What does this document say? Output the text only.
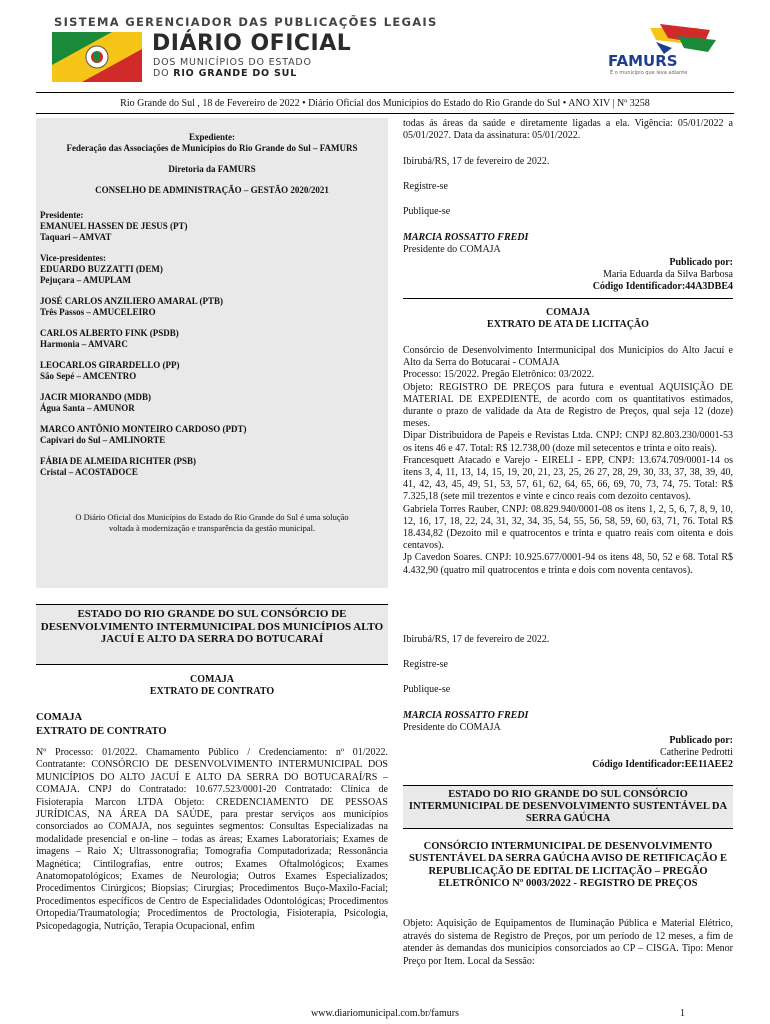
SISTEMA GERENCIADOR DAS PUBLICAÇÕES LEGAIS
DIÁRIO OFICIAL
DOS MUNICÍPIOS DO ESTADO
DO RIO GRANDE DO SUL
FAMURS
É o município que leva adiante
Rio Grande do Sul , 18 de Fevereiro de 2022 • Diário Oficial dos Municípios do Estado do Rio Grande do Sul • ANO XIV | Nº 3258

Expediente:
Federação das Associações de Municípios do Rio Grande do Sul – FAMURS

Diretoria da FAMURS

CONSELHO DE ADMINISTRAÇÃO – GESTÃO 2020/2021

Presidente:
EMANUEL HASSEN DE JESUS (PT)
Taquari – AMVAT

Vice-presidentes:

EDUARDO BUZZATTI (DEM)
Pejuçara – AMUPLAM

JOSÉ CARLOS ANZILIERO AMARAL (PTB)
Três Passos – AMUCELEIRO

CARLOS ALBERTO FINK (PSDB)
Harmonia – AMVARC

LEOCARLOS GIRARDELLO (PP)
São Sepé – AMCENTRO

JACIR MIORANDO (MDB)
Água Santa – AMUNOR

MARCO ANTÔNIO MONTEIRO CARDOSO (PDT)
Capivari do Sul – AMLINORTE

FÁBIA DE ALMEIDA RICHTER (PSB)
Cristal – ACOSTADOCE

O Diário Oficial dos Municípios do Estado do Rio Grande do Sul é uma solução voltada à modernização e transparência da gestão municipal.

ESTADO DO RIO GRANDE DO SUL CONSÓRCIO DE DESENVOLVIMENTO INTERMUNICIPAL DOS MUNICÍPIOS ALTO JACUÍ E ALTO DA SERRA DO BOTUCARAÍ
COMAJA
EXTRATO DE CONTRATO
COMAJA
EXTRATO DE CONTRATO
Nº Processo: 01/2022. Chamamento Público / Credenciamento: nº 01/2022. Contratante: CONSÓRCIO DE DESENVOLVIMENTO INTERMUNICIPAL DOS MUNICÍPIOS DO ALTO JACUÍ E ALTO DA SERRA DO BOTUCARAÍ/RS – COMAJA. CNPJ do Contratado: 10.677.523/0001-20 Contratado: Clínica de Fisioterapia Marcon LTDA Objeto: CREDENCIAMENTO DE PESSOAS JURÍDICAS, NA ÁREA DA SAÚDE, para prestar serviços aos municípios consorciados ao COMAJA, nos seguintes segmentos: Consultas Especializadas na modalidade presencial e on-line – todas as áreas; Exames Laboratoriais; Exames de imagens – Raio X; Ultrassonografia; Tomografia Computadorizada; Ressonância Magnética; Cintilografias, entre outros; Exames Oftalmológicos; Exames Anatomopatológicos; Exames de Neurologia; Outros Exames Especializados; Procedimentos Cirúrgicos; Biopsias; Cirurgias; Procedimentos Buço-Maxilo-Facial; Procedimentos específicos de Centro de Especialidades Odontológicas; Procedimentos Ortopedia/Traumatologia; Procedimentos de Proctologia, Fisioterapia, Psicologia, Psicopedagogia, Nutrição, Terapia Ocupacional, enfim
todas ás áreas da saúde e diretamente ligadas a ela. Vigência: 05/01/2022 a 05/01/2027. Data da assinatura: 05/01/2022.
Ibirubá/RS, 17 de fevereiro de 2022.
Registre-se
Publique-se
MARCIA ROSSATTO FREDI
Presidente do COMAJA
Publicado por:
Maria Eduarda da Silva Barbosa
Código Identificador:44A3DBE4
COMAJA
EXTRATO DE ATA DE LICITAÇÃO
Consórcio de Desenvolvimento Intermunicipal dos Municípios do Alto Jacuí e Alto da Serra do Botucaraí - COMAJA
Processo: 15/2022. Pregão Eletrônico: 03/2022.
Objeto: REGISTRO DE PREÇOS para futura e eventual AQUISIÇÃO DE MATERIAL DE EXPEDIENTE, de acordo com os quantitativos estimados, durante o prazo de validade da Ata de Registro de Preços, qual seja 12 (doze) meses.
Dipar Distribuidora de Papeis e Revistas Ltda. CNPJ: CNPJ 82.803.230/0001-53 os itens 46 e 47. Total: R$ 12.738,00 (doze mil setecentos e trinta e oito reais).
Francesquett Atacado e Varejo - EIRELI - EPP, CNPJ: 13.674.709/0001-14 os itens 3, 4, 11, 13, 14, 15, 19, 20, 21, 23, 25, 26 27, 28, 29, 30, 33, 37, 38, 39, 40, 41, 42, 43, 45, 49, 51, 53, 57, 61, 62, 64, 65, 66, 69, 70, 73, 74, 75. Total: R$ 7.325,18 (sete mil trezentos e vinte e cinco reais com dezoito centavos).
Gabriela Torres Rauber, CNPJ: 08.829.940/0001-08 os itens 1, 2, 5, 6, 7, 8, 9, 10, 12, 16, 17, 18, 22, 24, 31, 32, 34, 35, 54, 55, 56, 58, 59, 60, 63, 71, 76. Total R$ 18.434,82 (Dezoito mil e quatrocentos e trinta e quatro reais com oitenta e dois centavos).
Jp Cavedon Soares. CNPJ: 10.925.677/0001-94 os itens 48, 50, 52 e 68. Total R$ 4.432,90 (quatro mil quatrocentos e trinta e dois com noventa centavos).
Ibirubá/RS, 17 de fevereiro de 2022.
Registre-se
Publique-se
MARCIA ROSSATTO FREDI
Presidente do COMAJA
Publicado por:
Catherine Pedrotti
Código Identificador:EE11AEE2
ESTADO DO RIO GRANDE DO SUL CONSÓRCIO INTERMUNICIPAL DE DESENVOLVIMENTO SUSTENTÁVEL DA SERRA GAÚCHA
CONSÓRCIO INTERMUNICIPAL DE DESENVOLVIMENTO SUSTENTÁVEL DA SERRA GAÚCHA AVISO DE RETIFICAÇÃO E REPUBLICAÇÃO DE EDITAL DE LICITAÇÃO – PREGÃO ELETRÔNICO Nº 0003/2022 - REGISTRO DE PREÇOS
Objeto: Aquisição de Equipamentos de Iluminação Pública e Material Elétrico, através do sistema de Registro de Preços, por um período de 12 meses, a fim de atender às demandas dos municípios consorciados ao CP – CISGA. Tipo: Menor Preço por Item. Local da Sessão:
www.diariomunicipal.com.br/famurs	1
